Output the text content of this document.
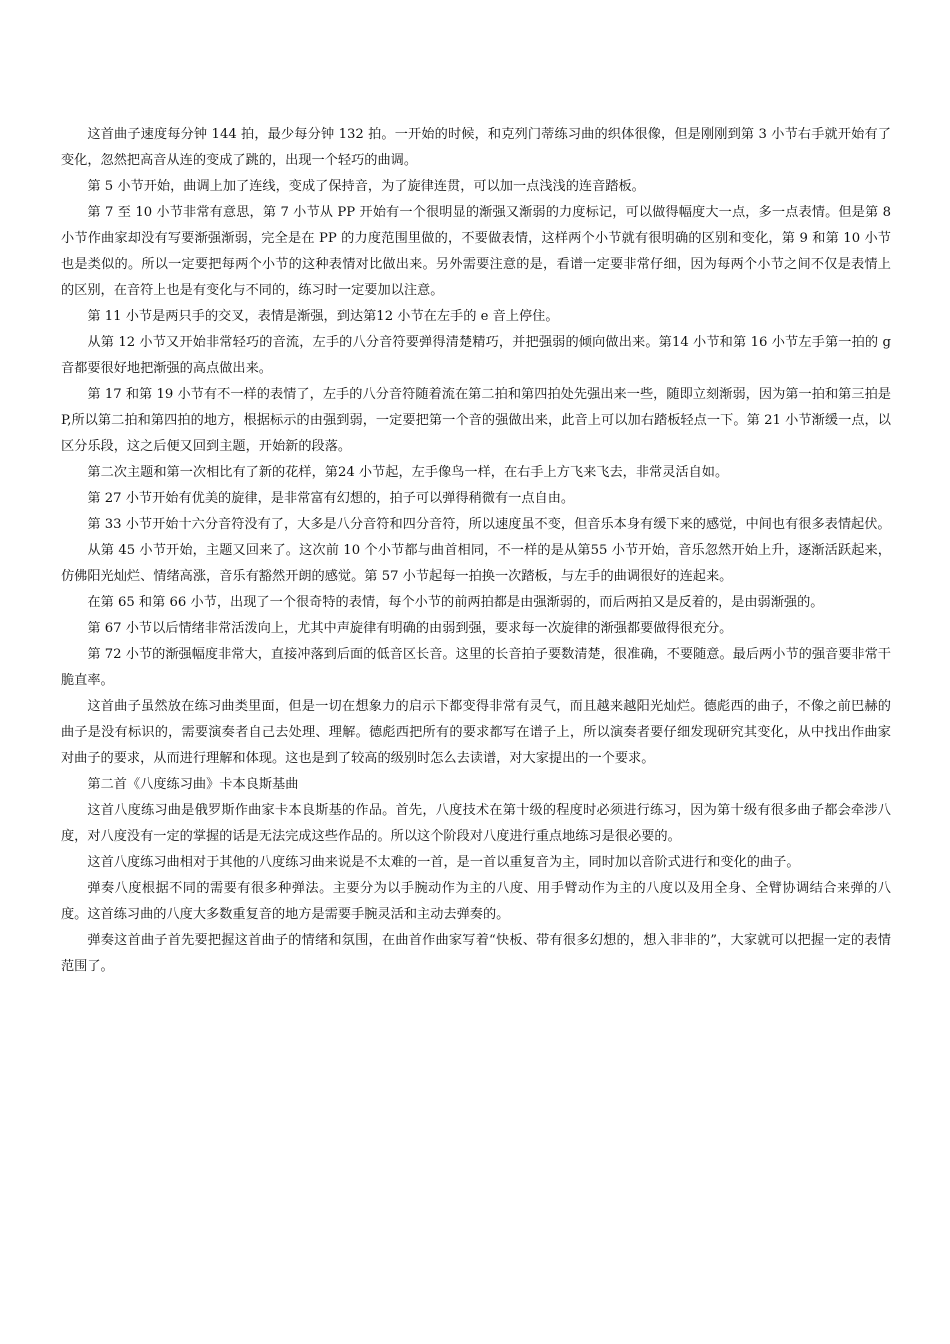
这首曲子速度每分钟 144 拍，最少每分钟 132 拍。一开始的时候，和克列门蒂练习曲的织体很像，但是刚刚到第 3 小节右手就开始有了变化，忽然把高音从连的变成了跳的，出现一个轻巧的曲调。

第 5 小节开始，曲调上加了连线，变成了保持音，为了旋律连贯，可以加一点浅浅的连音踏板。

第 7 至 10 小节非常有意思，第 7 小节从 PP 开始有一个很明显的渐强又渐弱的力度标记，可以做得幅度大一点，多一点表情。但是第 8 小节作曲家却没有写要渐强渐弱，完全是在 PP 的力度范围里做的，不要做表情，这样两个小节就有很明确的区别和变化，第 9 和第 10 小节也是类似的。所以一定要把每两个小节的这种表情对比做出来。另外需要注意的是，看谱一定要非常仔细，因为每两个小节之间不仅是表情上的区别，在音符上也是有变化与不同的，练习时一定要加以注意。

第 11 小节是两只手的交叉，表情是渐强，到达第12 小节在左手的 e 音上停住。

从第 12 小节又开始非常轻巧的音流，左手的八分音符要弹得清楚精巧，并把强弱的倾向做出来。第14 小节和第 16 小节左手第一拍的 g 音都要很好地把渐强的高点做出来。

第 17 和第 19 小节有不一样的表情了，左手的八分音符随着流在第二拍和第四拍处先强出来一些，随即立刻渐弱，因为第一拍和第三拍是 P,所以第二拍和第四拍的地方，根据标示的由强到弱，一定要把第一个音的强做出来，此音上可以加右踏板轻点一下。第 21 小节渐缓一点，以区分乐段，这之后便又回到主题，开始新的段落。

第二次主题和第一次相比有了新的花样，第24 小节起，左手像鸟一样，在右手上方飞来飞去，非常灵活自如。

第 27 小节开始有优美的旋律，是非常富有幻想的，拍子可以弹得稍微有一点自由。

第 33 小节开始十六分音符没有了，大多是八分音符和四分音符，所以速度虽不变，但音乐本身有缓下来的感觉，中间也有很多表情起伏。

从第 45 小节开始，主题又回来了。这次前 10 个小节都与曲首相同，不一样的是从第55 小节开始，音乐忽然开始上升，逐渐活跃起来，仿佛阳光灿烂、情绪高涨，音乐有豁然开朗的感觉。第 57 小节起每一拍换一次踏板，与左手的曲调很好的连起来。

在第 65 和第 66 小节，出现了一个很奇特的表情，每个小节的前两拍都是由强渐弱的，而后两拍又是反着的，是由弱渐强的。

第 67 小节以后情绪非常活泼向上，尤其中声旋律有明确的由弱到强，要求每一次旋律的渐强都要做得很充分。

第 72 小节的渐强幅度非常大，直接冲落到后面的低音区长音。这里的长音拍子要数清楚，很准确，不要随意。最后两小节的强音要非常干脆直率。

这首曲子虽然放在练习曲类里面，但是一切在想象力的启示下都变得非常有灵气，而且越来越阳光灿烂。德彪西的曲子，不像之前巴赫的曲子是没有标识的，需要演奏者自己去处理、理解。德彪西把所有的要求都写在谱子上，所以演奏者要仔细发现研究其变化，从中找出作曲家对曲子的要求，从而进行理解和体现。这也是到了较高的级别时怎么去读谱，对大家提出的一个要求。

第二首《八度练习曲》卡本良斯基曲

这首八度练习曲是俄罗斯作曲家卡本良斯基的作品。首先，八度技术在第十级的程度时必须进行练习，因为第十级有很多曲子都会牵涉八度，对八度没有一定的掌握的话是无法完成这些作品的。所以这个阶段对八度进行重点地练习是很必要的。

这首八度练习曲相对于其他的八度练习曲来说是不太难的一首，是一首以重复音为主，同时加以音阶式进行和变化的曲子。

弹奏八度根据不同的需要有很多种弹法。主要分为以手腕动作为主的八度、用手臂动作为主的八度以及用全身、全臂协调结合来弹的八度。这首练习曲的八度大多数重复音的地方是需要手腕灵活和主动去弹奏的。

弹奏这首曲子首先要把握这首曲子的情绪和氛围，在曲首作曲家写着“快板、带有很多幻想的，想入非非的”，大家就可以把握一定的表情范围了。
